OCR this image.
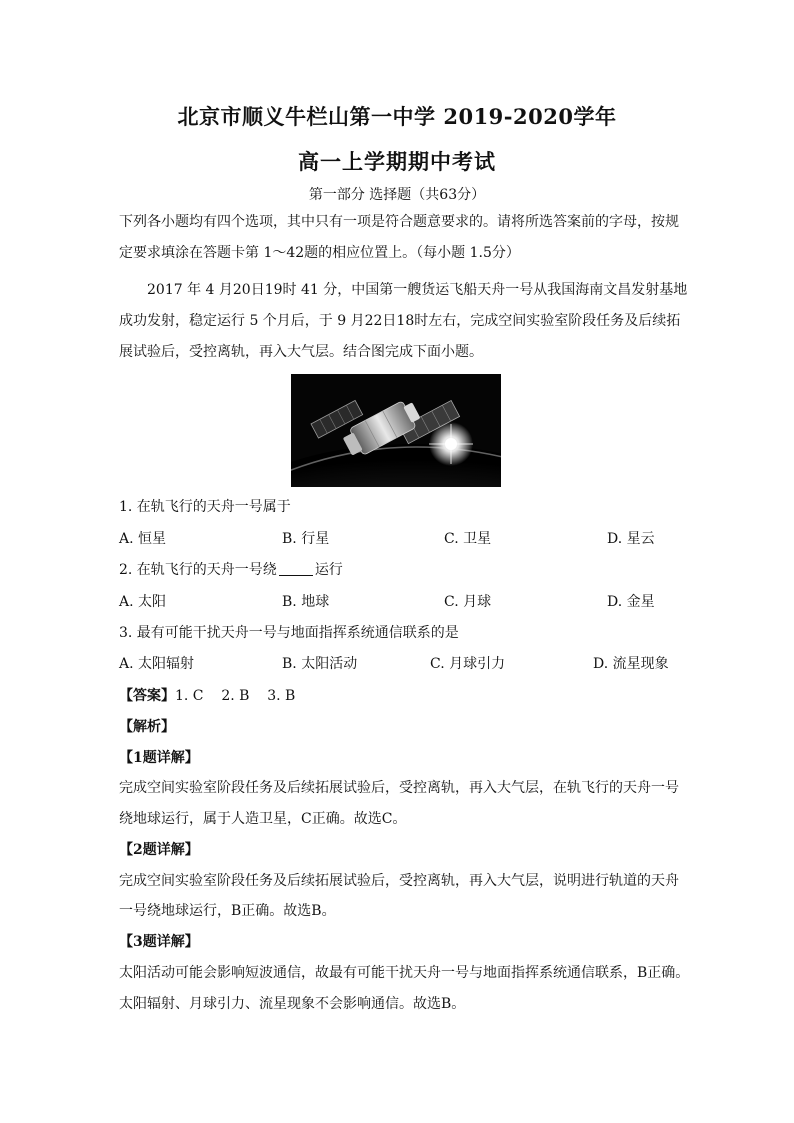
北京市顺义牛栏山第一中学 2019-2020学年
高一上学期期中考试
第一部分 选择题（共63分）
下列各小题均有四个选项，其中只有一项是符合题意要求的。请将所选答案前的字母，按规
定要求填涂在答题卡第 1～42题的相应位置上。（每小题 1.5分）
2017 年 4 月20日19时 41 分，中国第一艘货运飞船天舟一号从我国海南文昌发射基地
成功发射，稳定运行 5 个月后，于 9 月22日18时左右，完成空间实验室阶段任务及后续拓
展试验后，受控离轨，再入大气层。结合图完成下面小题。
1. 在轨飞行的天舟一号属于
A. 恒星	B. 行星	C. 卫星	D. 星云
2. 在轨飞行的天舟一号绕	运行
A. 太阳	B. 地球	C. 月球	D. 金星
3. 最有可能干扰天舟一号与地面指挥系统通信联系的是
A. 太阳辐射	B. 太阳活动	C. 月球引力	D. 流星现象
【答案】1. C    2. B    3. B
【解析】
【1题详解】
完成空间实验室阶段任务及后续拓展试验后，受控离轨，再入大气层，在轨飞行的天舟一号
绕地球运行，属于人造卫星，C正确。故选C。
【2题详解】
完成空间实验室阶段任务及后续拓展试验后，受控离轨，再入大气层，说明进行轨道的天舟
一号绕地球运行，B正确。故选B。
【3题详解】
太阳活动可能会影响短波通信，故最有可能干扰天舟一号与地面指挥系统通信联系，B正确。
太阳辐射、月球引力、流星现象不会影响通信。故选B。
